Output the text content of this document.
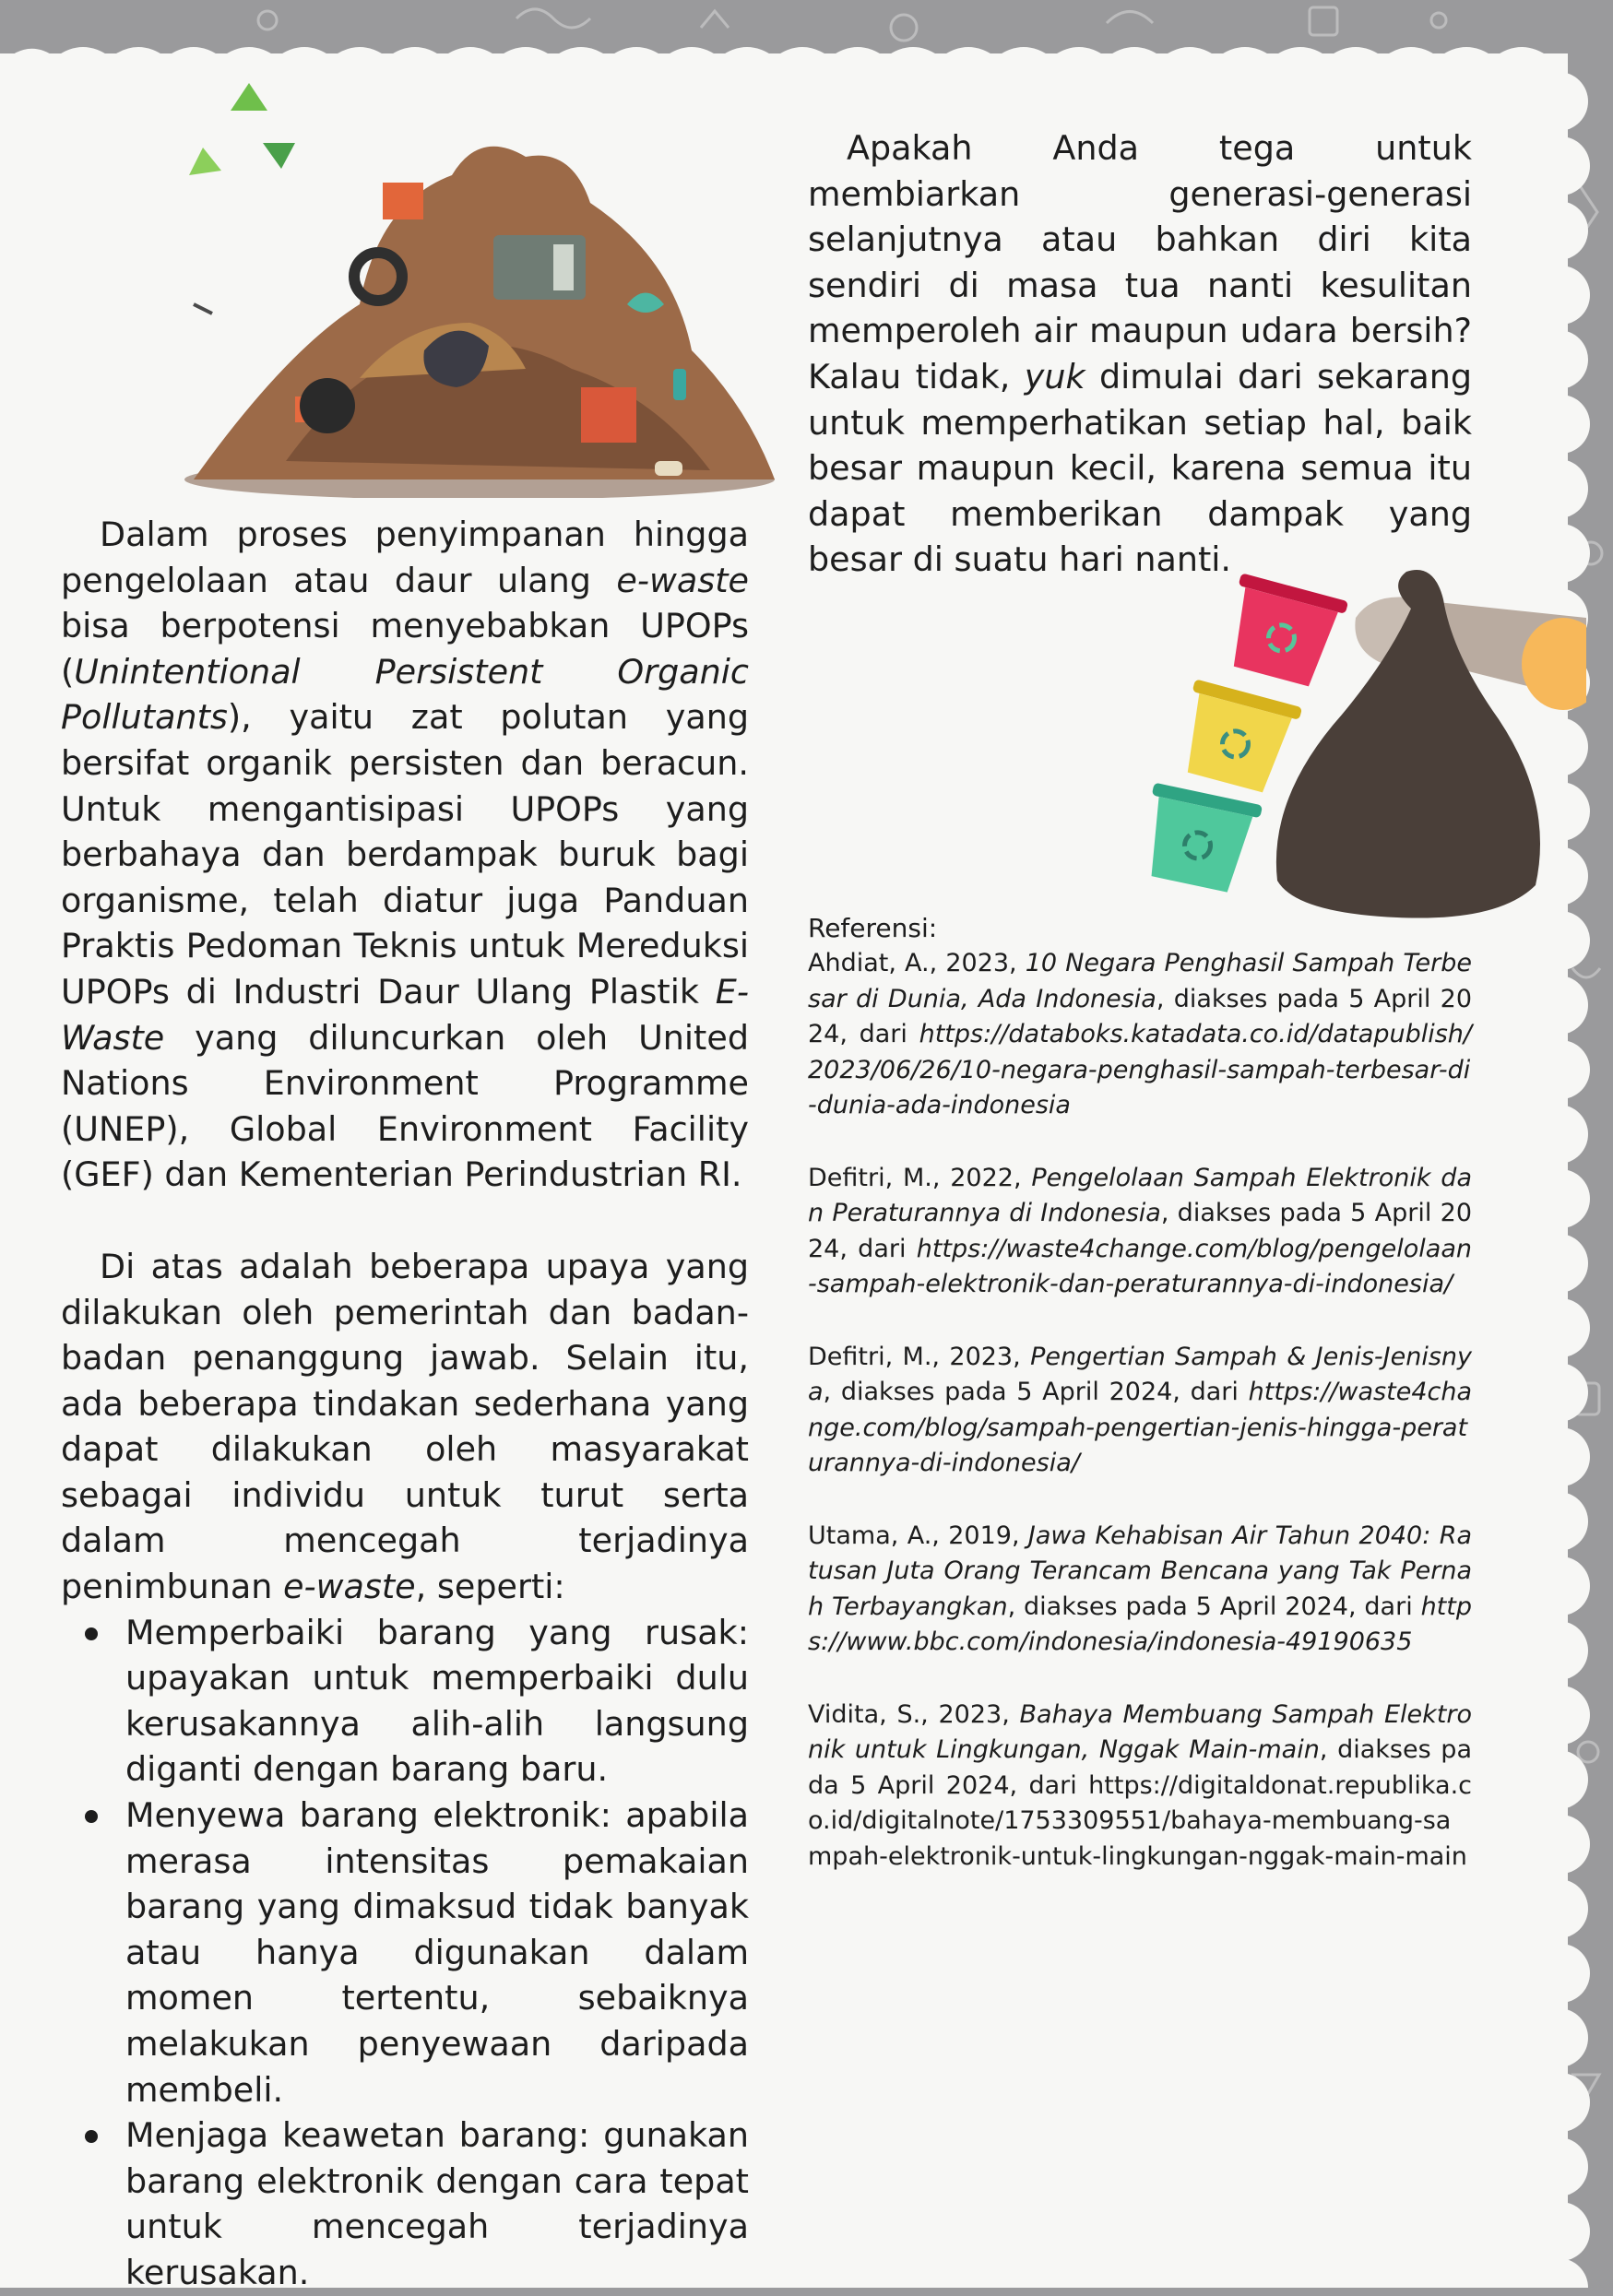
Dalam proses penyimpanan hingga pengelolaan atau daur ulang e-waste bisa berpotensi menyebabkan UPOPs (Unintentional Persistent Organic Pollutants), yaitu zat polutan yang bersifat organik persisten dan beracun. Untuk mengantisipasi UPOPs yang berbahaya dan berdampak buruk bagi organisme, telah diatur juga Panduan Praktis Pedoman Teknis untuk Mereduksi UPOPs di Industri Daur Ulang Plastik E-Waste yang diluncurkan oleh United Nations Environment Programme (UNEP), Global Environment Facility (GEF) dan Kementerian Perindustrian RI.

Di atas adalah beberapa upaya yang dilakukan oleh pemerintah dan badan-badan penanggung jawab. Selain itu, ada beberapa tindakan sederhana yang dapat dilakukan oleh masyarakat sebagai individu untuk turut serta dalam mencegah terjadinya penimbunan e-waste, seperti:

Memperbaiki barang yang rusak: upayakan untuk memperbaiki dulu kerusakannya alih-alih langsung diganti dengan barang baru.
Menyewa barang elektronik: apabila merasa intensitas pemakaian barang yang dimaksud tidak banyak atau hanya digunakan dalam momen tertentu, sebaiknya melakukan penyewaan daripada membeli.
Menjaga keawetan barang: gunakan barang elektronik dengan cara tepat untuk mencegah terjadinya kerusakan.

Apakah Anda tega untuk membiarkan generasi-generasi selanjutnya atau bahkan diri kita sendiri di masa tua nanti kesulitan memperoleh air maupun udara bersih? Kalau tidak, yuk dimulai dari sekarang untuk memperhatikan setiap hal, baik besar maupun kecil, karena semua itu dapat memberikan dampak yang besar di suatu hari nanti.

Referensi:

Ahdiat, A., 2023, 10 Negara Penghasil Sampah Terbesar di Dunia, Ada Indonesia, diakses pada 5 April 2024, dari https://databoks.katadata.co.id/datapublish/2023/06/26/10-negara-penghasil-sampah-terbesar-di-dunia-ada-indonesia

Defitri, M., 2022, Pengelolaan Sampah Elektronik dan Peraturannya di Indonesia, diakses pada 5 April 2024, dari https://waste4change.com/blog/pengelolaan-sampah-elektronik-dan-peraturannya-di-indonesia/

Defitri, M., 2023, Pengertian Sampah & Jenis-Jenisnya, diakses pada 5 April 2024, dari https://waste4change.com/blog/sampah-pengertian-jenis-hingga-peraturannya-di-indonesia/

Utama, A., 2019, Jawa Kehabisan Air Tahun 2040: Ratusan Juta Orang Terancam Bencana yang Tak Pernah Terbayangkan, diakses pada 5 April 2024, dari https://www.bbc.com/indonesia/indonesia-49190635

Vidita, S., 2023, Bahaya Membuang Sampah Elektronik untuk Lingkungan, Nggak Main-main, diakses pada 5 April 2024, dari https://digitaldonat.republika.co.id/digitalnote/1753309551/bahaya-membuang-sampah-elektronik-untuk-lingkungan-nggak-main-main
